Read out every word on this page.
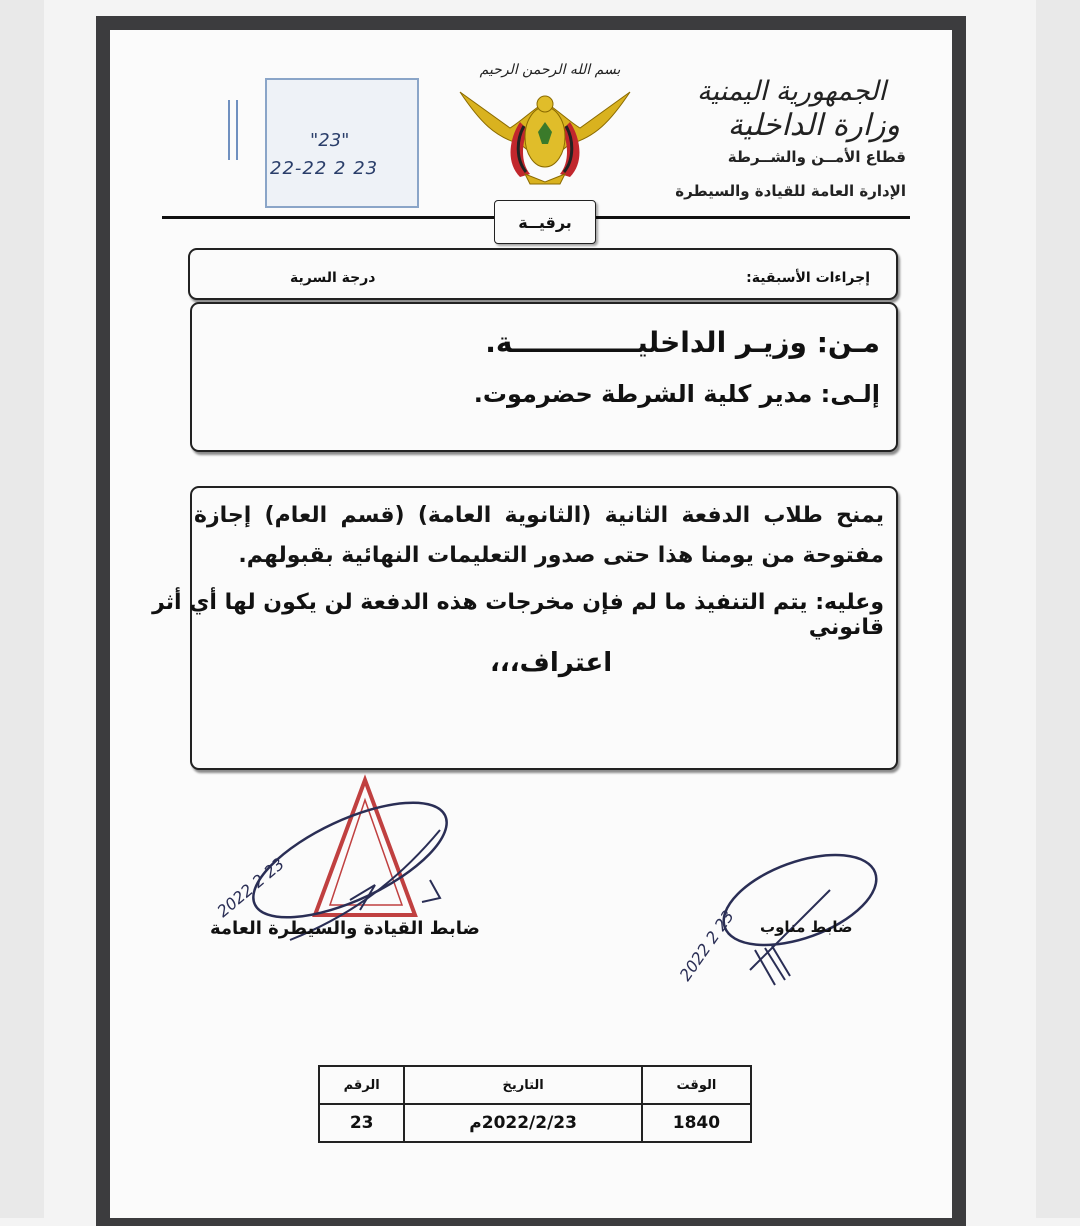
الجمهورية اليمنية
وزارة الداخلية
قطاع الأمــن والشــرطة
الإدارة العامة للقيادة والسيطرة
بسم الله الرحمن الرحيم
"23"
22-22 2 23
برقيــة
إجراءات الأسبقية:
درجة السرية
مـن: وزيـر الداخليـــــــــــــة.
إلـى: مدير كلية الشرطة حضرموت.
يمنح طلاب الدفعة الثانية (الثانوية العامة) (قسم العام) إجازة مفتوحة من يومنا هذا حتى صدور التعليمات النهائية بقبولهم.
وعليه: يتم التنفيذ ما لم فإن مخرجات هذه الدفعة لن يكون لها أي أثر قانوني
اعتراف،،،
2022 2 23
ضابط القيادة والسيطرة العامة	2022 2 23 ضابط مناوب
الوقت	التاريخ	الرقم
1840	2022/2/23م	23
